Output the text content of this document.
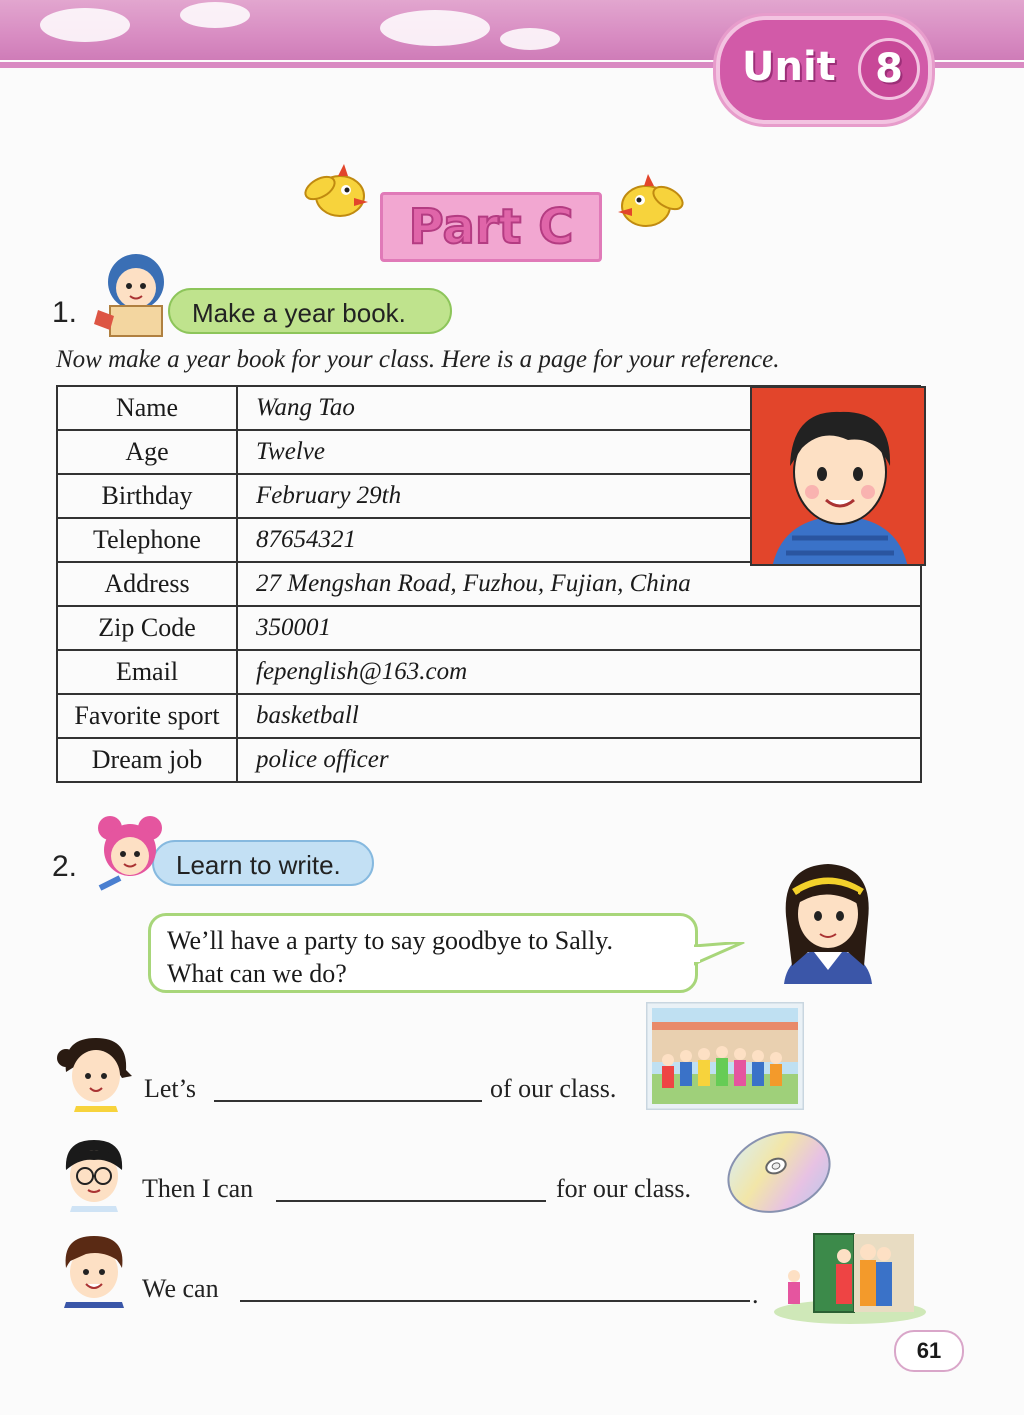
Unit 8
Part C
1.	Make a year book.
Now make a year book for your class. Here is a page for your reference.
Name	Wang Tao
Age	Twelve
Birthday	February 29th
Telephone	87654321
Address	27 Mengshan Road, Fuzhou, Fujian, China
Zip Code	350001
Email	fepenglish@163.com
Favorite sport	basketball
Dream job	police officer
2.	Learn to write.
We’ll have a party to say goodbye to Sally.
What can we do?
Let’s	of our class.
Then I can	for our class.
We can	.
61
